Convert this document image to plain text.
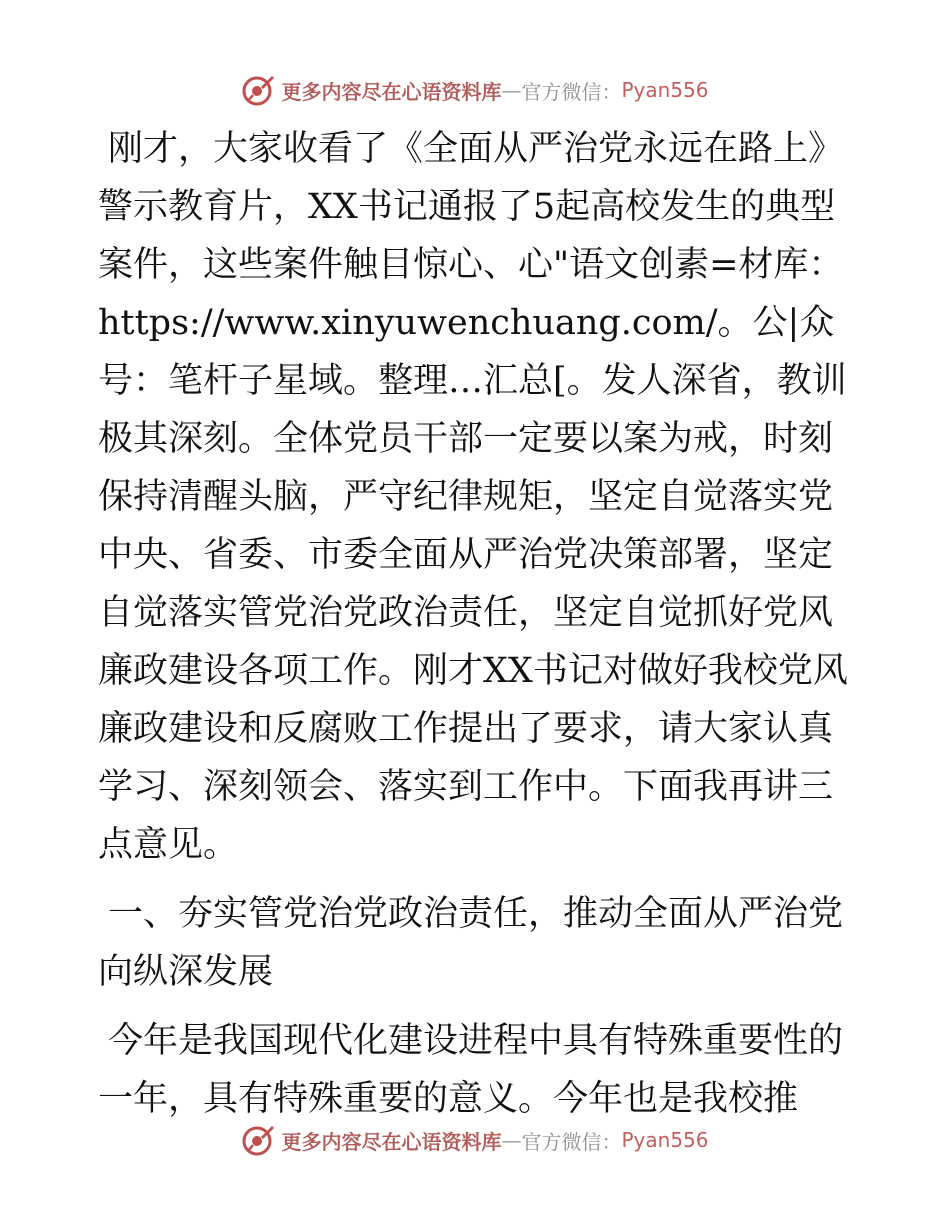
更多内容尽在心语资料库 — 官方微信： Pyan556

刚才，大家收看了《全面从严治党永远在路上》警示教育片，XX书记通报了5起高校发生的典型案件，这些案件触目惊心、心"语文创素=材库：https://www.xinyuwenchuang.com/。公|众号：笔杆子星域。整理…汇总[。发人深省，教训极其深刻。全体党员干部一定要以案为戒，时刻保持清醒头脑，严守纪律规矩，坚定自觉落实党中央、省委、市委全面从严治党决策部署，坚定自觉落实管党治党政治责任，坚定自觉抓好党风廉政建设各项工作。刚才XX书记对做好我校党风廉政建设和反腐败工作提出了要求，请大家认真学习、深刻领会、落实到工作中。下面我再讲三点意见。

一、夯实管党治党政治责任，推动全面从严治党向纵深发展

今年是我国现代化建设进程中具有特殊重要性的一年，具有特殊重要的意义。今年也是我校推

更多内容尽在心语资料库 — 官方微信： Pyan556
